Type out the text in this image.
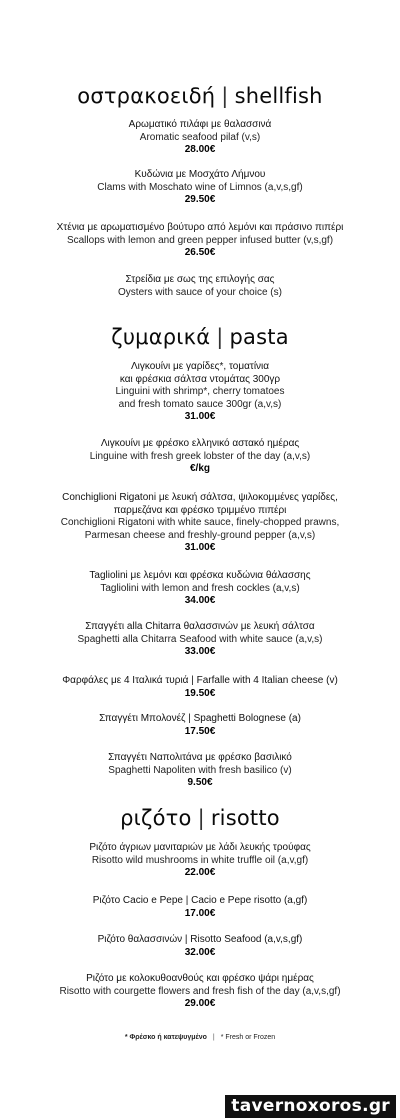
οστρακοειδή | shellfish
Αρωματικό πιλάφι με θαλασσινά
Aromatic seafood pilaf (v,s)
28.00€
Κυδώνια με Μοσχάτο Λήμνου
Clams with Moschato wine of Limnos (a,v,s,gf)
29.50€
Χτένια με αρωματισμένο βούτυρο από λεμόνι και πράσινο πιπέρι
Scallops with lemon and green pepper infused butter (v,s,gf)
26.50€
Στρείδια με σως της επιλογής σας
Oysters with sauce of your choice (s)
ζυμαρικά | pasta
Λιγκουίνι με γαρίδες*, τοματίνια
και φρέσκια σάλτσα ντομάτας 300γρ
Linguini with shrimp*, cherry tomatoes
and fresh tomato sauce 300gr (a,v,s)
31.00€
Λιγκουίνι με φρέσκο ελληνικό αστακό ημέρας
Linguine with fresh greek lobster of the day (a,v,s)
€/kg
Conchiglioni Rigatoni με λευκή σάλτσα, ψιλοκομμένες γαρίδες,
παρμεζάνα και φρέσκο τριμμένο πιπέρι
Conchiglioni Rigatoni with white sauce, finely-chopped prawns,
Parmesan cheese and freshly-ground pepper (a,v,s)
31.00€
Tagliolini με λεμόνι και φρέσκα κυδώνια θάλασσης
Tagliolini with lemon and fresh cockles (a,v,s)
34.00€
Σπαγγέτι alla Chitarra θαλασσινών με λευκή σάλτσα
Spaghetti alla Chitarra Seafood with white sauce (a,v,s)
33.00€
Φαρφάλες με 4 Ιταλικά τυριά | Farfalle with 4 Italian cheese (v)
19.50€
Σπαγγέτι Μπολονέζ | Spaghetti Bolognese (a)
17.50€
Σπαγγέτι Ναπολιτάνα με φρέσκο βασιλικό
Spaghetti Napoliten with fresh basilico (v)
9.50€
ριζότο | risotto
Ριζότο άγριων μανιταριών με λάδι λευκής τρούφας
Risotto wild mushrooms in white truffle oil (a,v,gf)
22.00€
Ριζότο Cacio e Pepe | Cacio e Pepe risotto (a,gf)
17.00€
Ριζότο θαλασσινών | Risotto Seafood (a,v,s,gf)
32.00€
Ριζότο με κολοκυθοανθούς και φρέσκο ψάρι ημέρας
Risotto with courgette flowers and fresh fish of the day (a,v,s,gf)
29.00€
* Φρέσκο ή κατεψυγμένο | * Fresh or Frozen
tavernoxoros.gr
